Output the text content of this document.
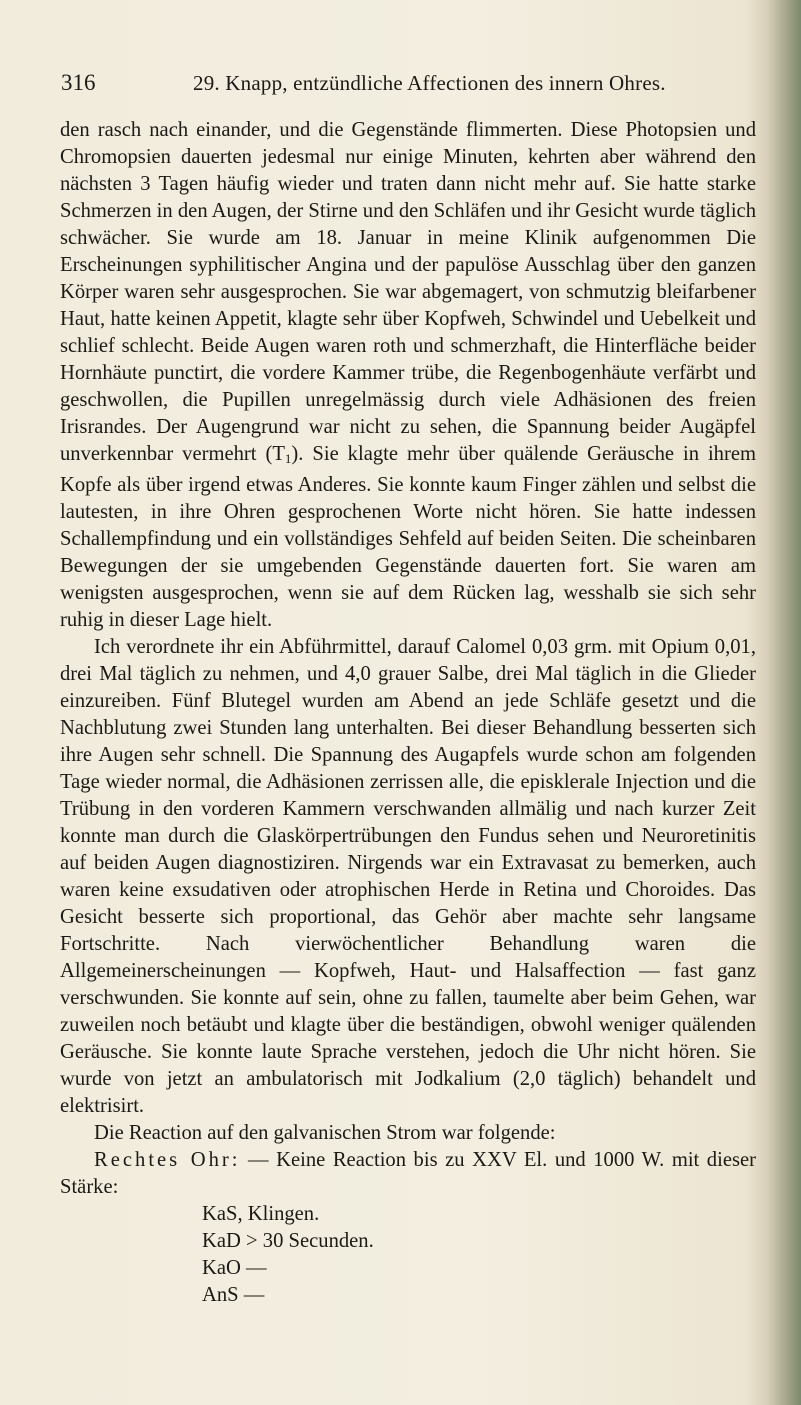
316	29. Knapp, entzündliche Affectionen des innern Ohres.

den rasch nach einander, und die Gegenstände flimmerten. Diese Photopsien und Chromopsien dauerten jedesmal nur einige Minuten, kehrten aber während den nächsten 3 Tagen häufig wieder und traten dann nicht mehr auf. Sie hatte starke Schmerzen in den Augen, der Stirne und den Schläfen und ihr Gesicht wurde täglich schwächer. Sie wurde am 18. Januar in meine Klinik aufgenommen Die Erscheinungen syphilitischer Angina und der papulöse Ausschlag über den ganzen Körper waren sehr ausgesprochen. Sie war abgemagert, von schmutzig bleifarbener Haut, hatte keinen Appetit, klagte sehr über Kopfweh, Schwindel und Uebelkeit und schlief schlecht. Beide Augen waren roth und schmerzhaft, die Hinterfläche beider Hornhäute punctirt, die vordere Kammer trübe, die Regenbogenhäute verfärbt und geschwollen, die Pupillen unregelmässig durch viele Adhäsionen des freien Irisrandes. Der Augengrund war nicht zu sehen, die Spannung beider Augäpfel unverkennbar vermehrt $(T_1)$. Sie klagte mehr über quälende Geräusche in ihrem Kopfe als über irgend etwas Anderes. Sie konnte kaum Finger zählen und selbst die lautesten, in ihre Ohren gesprochenen Worte nicht hören. Sie hatte indessen Schallempfindung und ein vollständiges Sehfeld auf beiden Seiten. Die scheinbaren Bewegungen der sie umgebenden Gegenstände dauerten fort. Sie waren am wenigsten ausgesprochen, wenn sie auf dem Rücken lag, wesshalb sie sich sehr ruhig in dieser Lage hielt.

Ich verordnete ihr ein Abführmittel, darauf Calomel 0,03 grm. mit Opium 0,01, drei Mal täglich zu nehmen, und 4,0 grauer Salbe, drei Mal täglich in die Glieder einzureiben. Fünf Blutegel wurden am Abend an jede Schläfe gesetzt und die Nachblutung zwei Stunden lang unterhalten. Bei dieser Behandlung besserten sich ihre Augen sehr schnell. Die Spannung des Augapfels wurde schon am folgenden Tage wieder normal, die Adhäsionen zerrissen alle, die episklerale Injection und die Trübung in den vorderen Kammern verschwanden allmälig und nach kurzer Zeit konnte man durch die Glaskörpertrübungen den Fundus sehen und Neuroretinitis auf beiden Augen diagnostiziren. Nirgends war ein Extravasat zu bemerken, auch waren keine exsudativen oder atrophischen Herde in Retina und Choroides. Das Gesicht besserte sich proportional, das Gehör aber machte sehr langsame Fortschritte. Nach vierwöchentlicher Behandlung waren die Allgemeinerscheinungen — Kopfweh, Haut- und Halsaffection — fast ganz verschwunden. Sie konnte auf sein, ohne zu fallen, taumelte aber beim Gehen, war zuweilen noch betäubt und klagte über die beständigen, obwohl weniger quälenden Geräusche. Sie konnte laute Sprache verstehen, jedoch die Uhr nicht hören. Sie wurde von jetzt an ambulatorisch mit Jodkalium (2,0 täglich) behandelt und elektrisirt.

Die Reaction auf den galvanischen Strom war folgende:

Rechtes Ohr: — Keine Reaction bis zu XXV El. und 1000 W. mit dieser Stärke:

KaS, Klingen.
KaD > 30 Secunden.
KaO —
AnS —
